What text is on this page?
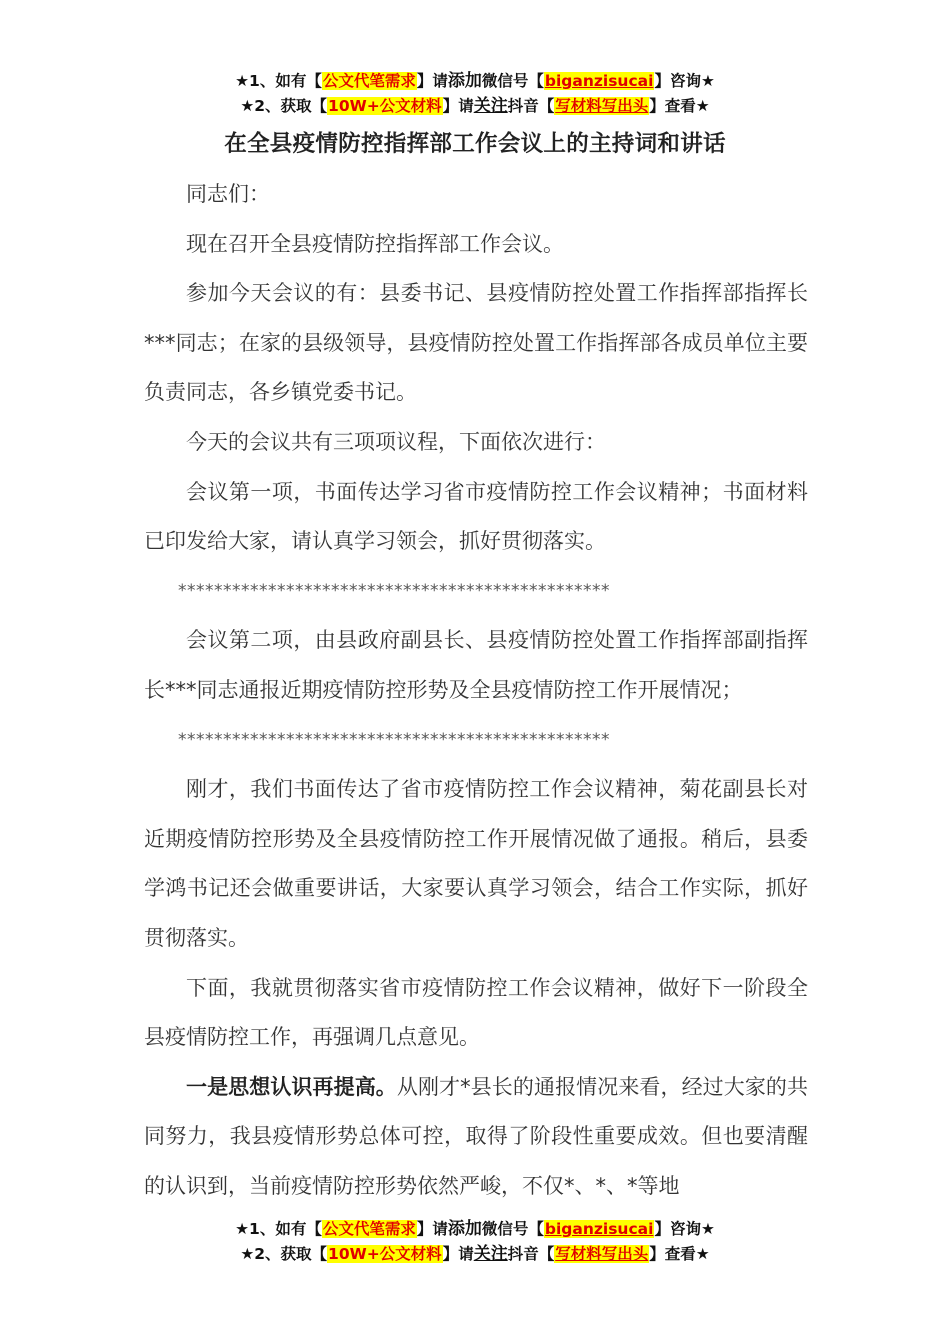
★1、如有【公文代笔需求】请添加微信号【biganzisucai】咨询★
★2、获取【10W+公文材料】请关注抖音【写材料写出头】查看★
在全县疫情防控指挥部工作会议上的主持词和讲话

同志们：

现在召开全县疫情防控指挥部工作会议。

参加今天会议的有：县委书记、县疫情防控处置工作指挥部指挥长***同志；在家的县级领导，县疫情防控处置工作指挥部各成员单位主要负责同志，各乡镇党委书记。

今天的会议共有三项项议程，下面依次进行：

会议第一项，书面传达学习省市疫情防控工作会议精神；书面材料已印发给大家，请认真学习领会，抓好贯彻落实。

************************************************

会议第二项，由县政府副县长、县疫情防控处置工作指挥部副指挥长***同志通报近期疫情防控形势及全县疫情防控工作开展情况；

************************************************

刚才，我们书面传达了省市疫情防控工作会议精神，菊花副县长对近期疫情防控形势及全县疫情防控工作开展情况做了通报。稍后，县委学鸿书记还会做重要讲话，大家要认真学习领会，结合工作实际，抓好贯彻落实。

下面，我就贯彻落实省市疫情防控工作会议精神，做好下一阶段全县疫情防控工作，再强调几点意见。

一是思想认识再提高。从刚才*县长的通报情况来看，经过大家的共同努力，我县疫情形势总体可控，取得了阶段性重要成效。但也要清醒的认识到，当前疫情防控形势依然严峻，不仅*、*、*等地

★1、如有【公文代笔需求】请添加微信号【biganzisucai】咨询★
★2、获取【10W+公文材料】请关注抖音【写材料写出头】查看★
